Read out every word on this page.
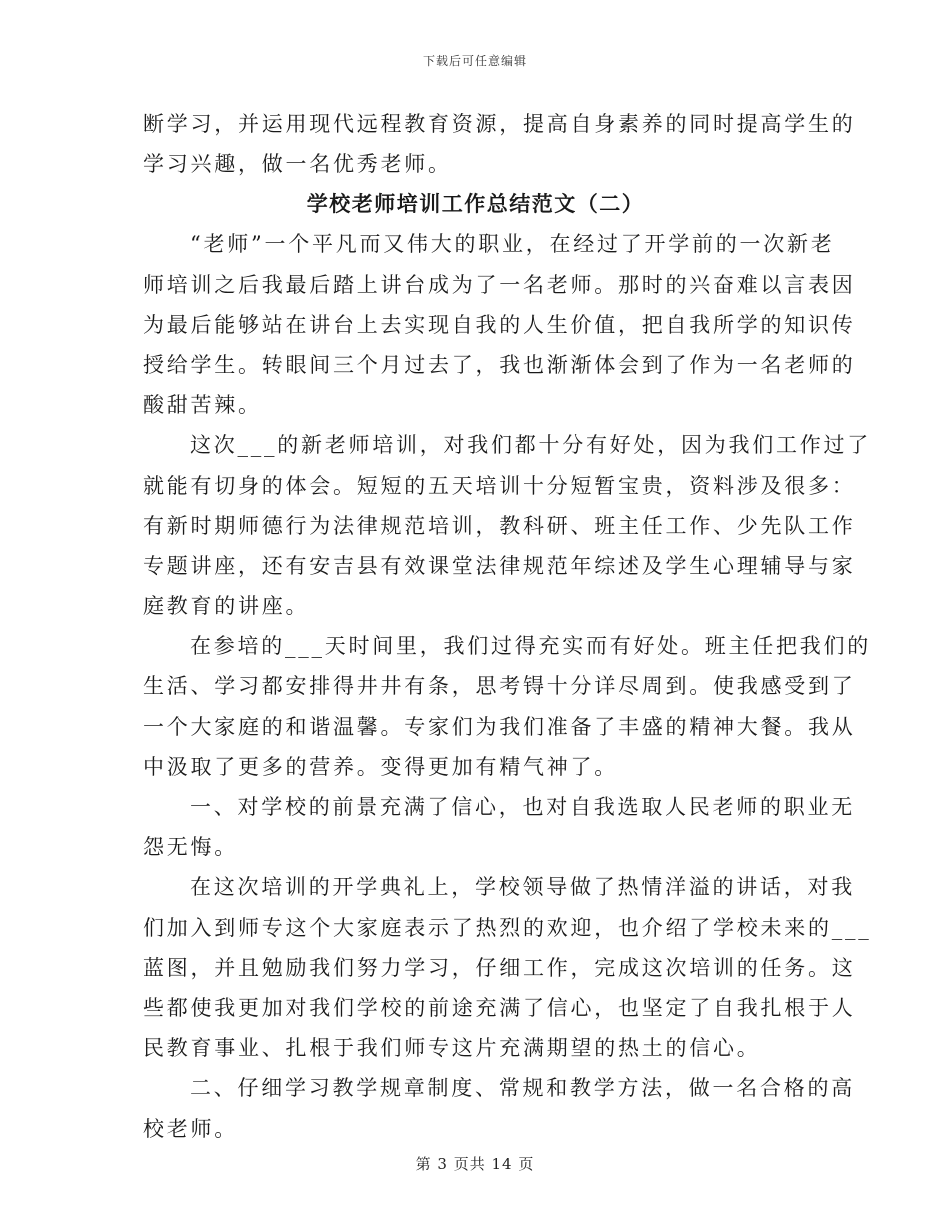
下载后可任意编辑
断学习，并运用现代远程教育资源，提高自身素养的同时提高学生的
学习兴趣，做一名优秀老师。
学校老师培训工作总结范文（二）
“老师”一个平凡而又伟大的职业，在经过了开学前的一次新老
师培训之后我最后踏上讲台成为了一名老师。那时的兴奋难以言表因
为最后能够站在讲台上去实现自我的人生价值，把自我所学的知识传
授给学生。转眼间三个月过去了，我也渐渐体会到了作为一名老师的
酸甜苦辣。
这次___的新老师培训，对我们都十分有好处，因为我们工作过了
就能有切身的体会。短短的五天培训十分短暂宝贵，资料涉及很多：
有新时期师德行为法律规范培训，教科研、班主任工作、少先队工作
专题讲座，还有安吉县有效课堂法律规范年综述及学生心理辅导与家
庭教育的讲座。
在参培的___天时间里，我们过得充实而有好处。班主任把我们的
生活、学习都安排得井井有条，思考锝十分详尽周到。使我感受到了
一个大家庭的和谐温馨。专家们为我们准备了丰盛的精神大餐。我从
中汲取了更多的营养。变得更加有精气神了。
一、对学校的前景充满了信心，也对自我选取人民老师的职业无
怨无悔。
在这次培训的开学典礼上，学校领导做了热情洋溢的讲话，对我
们加入到师专这个大家庭表示了热烈的欢迎，也介绍了学校未来的___
蓝图，并且勉励我们努力学习，仔细工作，完成这次培训的任务。这
些都使我更加对我们学校的前途充满了信心，也坚定了自我扎根于人
民教育事业、扎根于我们师专这片充满期望的热土的信心。
二、仔细学习教学规章制度、常规和教学方法，做一名合格的高
校老师。
第 3 页共 14 页
